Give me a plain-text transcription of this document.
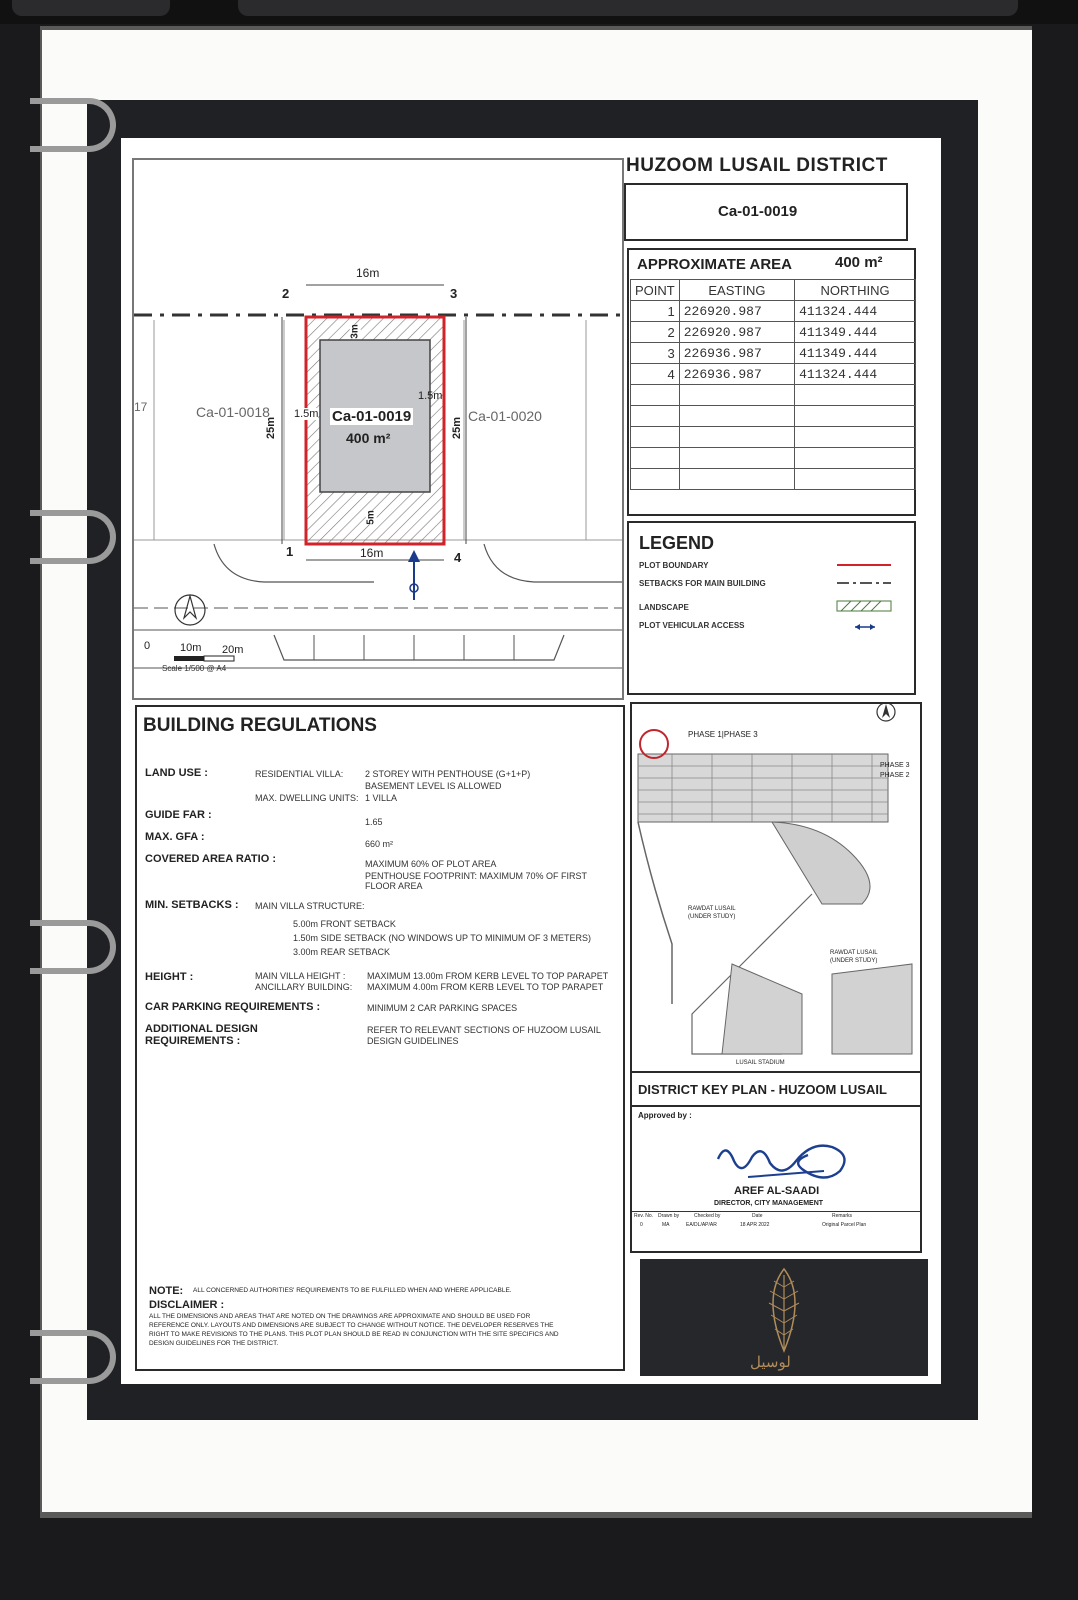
16m
16m
25m	25m
3m
5m
1.5m
1.5m
1
2	3
4
Ca-01-0019
400 m²
Ca-01-0018	Ca-01-0020
17
0	10m 20m
Scale 1/500 @ A4
HUZOOM LUSAIL DISTRICT
Ca-01-0019
APPROXIMATE AREA	400 m²
POINT	EASTING	NORTHING
1	226920.987	411324.444
2	226920.987	411349.444
3	226936.987	411349.444
4	226936.987	411324.444

LEGEND
PLOT BOUNDARY
SETBACKS FOR MAIN BUILDING
LANDSCAPE
PLOT VEHICULAR ACCESS
BUILDING REGULATIONS
LAND USE :	RESIDENTIAL VILLA: 2 STOREY WITH PENTHOUSE (G+1+P)
BASEMENT LEVEL IS ALLOWED
MAX. DWELLING UNITS: 1 VILLA
GUIDE FAR :
1.65
MAX. GFA :
660 m²
COVERED AREA RATIO :	MAXIMUM 60% OF PLOT AREA
PENTHOUSE FOOTPRINT: MAXIMUM 70% OF FIRST
FLOOR AREA
MIN. SETBACKS : MAIN VILLA STRUCTURE:
5.00m FRONT SETBACK
1.50m SIDE SETBACK (NO WINDOWS UP TO MINIMUM OF 3 METERS)
3.00m REAR SETBACK
HEIGHT :	MAIN VILLA HEIGHT : MAXIMUM 13.00m FROM KERB LEVEL TO TOP PARAPET
ANCILLARY BUILDING: MAXIMUM 4.00m FROM KERB LEVEL TO TOP PARAPET
CAR PARKING REQUIREMENTS :	MINIMUM 2 CAR PARKING SPACES
ADDITIONAL DESIGN
REQUIREMENTS :
REFER TO RELEVANT SECTIONS OF HUZOOM LUSAIL
DESIGN GUIDELINES
NOTE: ALL CONCERNED AUTHORITIES' REQUIREMENTS TO BE FULFILLED WHEN AND WHERE APPLICABLE.
DISCLAIMER :
ALL THE DIMENSIONS AND AREAS THAT ARE NOTED ON THE DRAWINGS ARE APPROXIMATE AND SHOULD BE USED FOR
REFERENCE ONLY. LAYOUTS AND DIMENSIONS ARE SUBJECT TO CHANGE WITHOUT NOTICE. THE DEVELOPER RESERVES THE
RIGHT TO MAKE REVISIONS TO THE PLANS. THIS PLOT PLAN SHOULD BE READ IN CONJUNCTION WITH THE SITE SPECIFICS AND
DESIGN GUIDELINES FOR THE DISTRICT.
PHASE 1|PHASE 3
PHASE 3
PHASE 2
RAWDAT LUSAIL
(UNDER STUDY)
RAWDAT LUSAIL
(UNDER STUDY)
LUSAIL STADIUM
DISTRICT KEY PLAN - HUZOOM LUSAIL
Approved by :
AREF AL-SAADI
DIRECTOR, CITY MANAGEMENT
Rev. No. Drawn by	Checked by	Date	Remarks
0	MA	EA/DL/AP/AR	18 APR 2022	Original Parcel Plan
لوسيل
